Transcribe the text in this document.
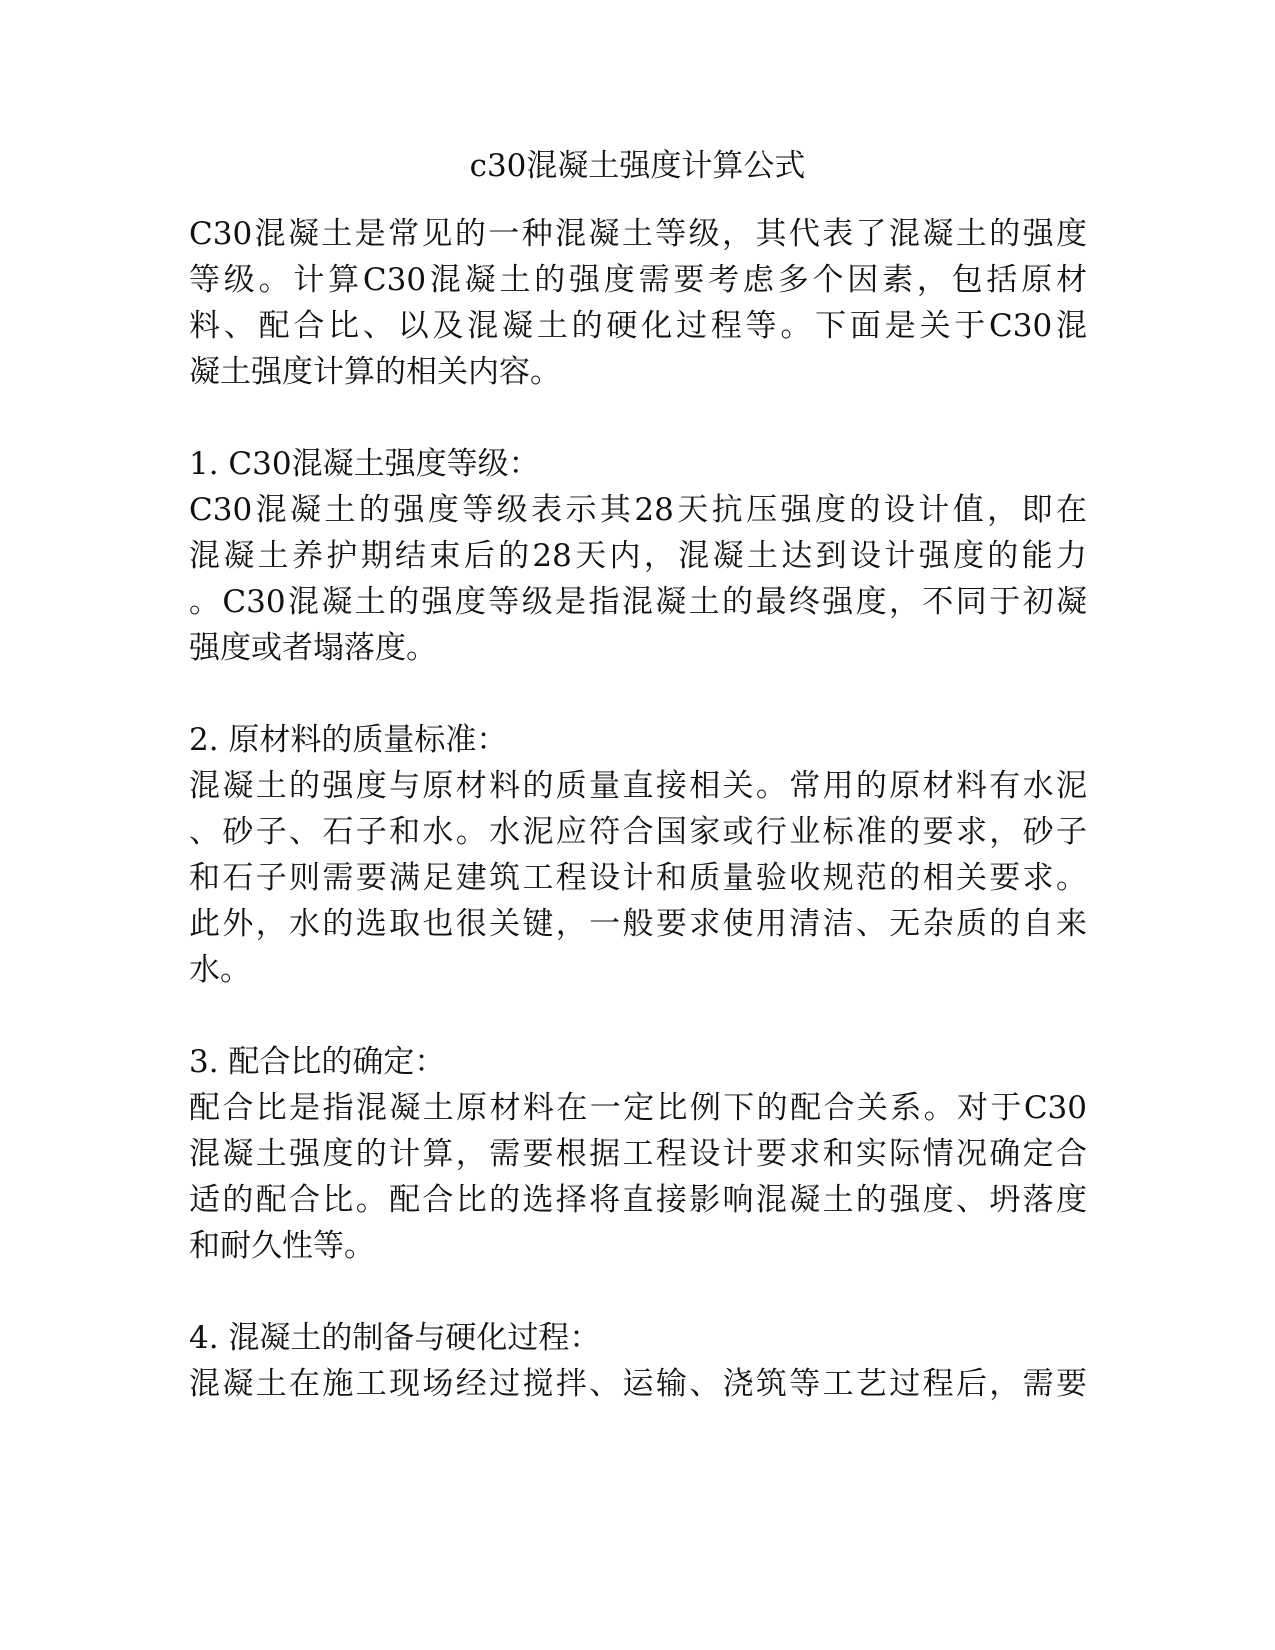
c30混凝土强度计算公式
C30混凝土是常见的一种混凝土等级，其代表了混凝土的强度
等级。计算C30混凝土的强度需要考虑多个因素，包括原材
料、配合比、以及混凝土的硬化过程等。下面是关于C30混
凝土强度计算的相关内容。
1. C30混凝土强度等级：
C30混凝土的强度等级表示其28天抗压强度的设计值，即在
混凝土养护期结束后的28天内，混凝土达到设计强度的能力
。C30混凝土的强度等级是指混凝土的最终强度，不同于初凝
强度或者塌落度。
2. 原材料的质量标准：
混凝土的强度与原材料的质量直接相关。常用的原材料有水泥
、砂子、石子和水。水泥应符合国家或行业标准的要求，砂子
和石子则需要满足建筑工程设计和质量验收规范的相关要求。
此外，水的选取也很关键，一般要求使用清洁、无杂质的自来
水。
3. 配合比的确定：
配合比是指混凝土原材料在一定比例下的配合关系。对于C30
混凝土强度的计算，需要根据工程设计要求和实际情况确定合
适的配合比。配合比的选择将直接影响混凝土的强度、坍落度
和耐久性等。
4. 混凝土的制备与硬化过程：
混凝土在施工现场经过搅拌、运输、浇筑等工艺过程后，需要
